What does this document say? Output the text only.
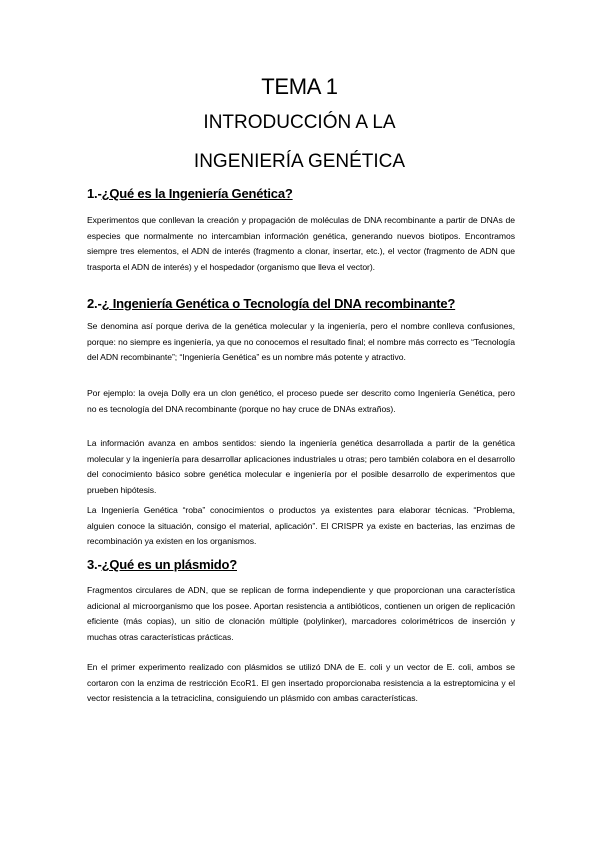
TEMA 1
INTRODUCCIÓN A LA
INGENIERÍA GENÉTICA
1.-¿Qué es la Ingeniería Genética?

Experimentos que conllevan la creación y propagación de moléculas de DNA recombinante a partir de DNAs de especies que normalmente no intercambian información genética, generando nuevos biotipos. Encontramos siempre tres elementos, el ADN de interés (fragmento a clonar, insertar, etc.), el vector (fragmento de ADN que trasporta el ADN de interés) y el hospedador (organismo que lleva el vector).

2.-¿ Ingeniería Genética o Tecnología del DNA recombinante?

Se denomina así porque deriva de la genética molecular y la ingeniería, pero el nombre conlleva confusiones, porque: no siempre es ingeniería, ya que no conocemos el resultado final; el nombre más correcto es “Tecnología del ADN recombinante”; “Ingeniería Genética” es un nombre más potente y atractivo.

Por ejemplo: la oveja Dolly era un clon genético, el proceso puede ser descrito como Ingeniería Genética, pero no es tecnología del DNA recombinante (porque no hay cruce de DNAs extraños).

La información avanza en ambos sentidos: siendo la ingeniería genética desarrollada a partir de la genética molecular y la ingeniería para desarrollar aplicaciones industriales u otras; pero también colabora en el desarrollo del conocimiento básico sobre genética molecular e ingeniería por el posible desarrollo de experimentos que prueben hipótesis.

La Ingeniería Genética “roba” conocimientos o productos ya existentes para elaborar técnicas. “Problema, alguien conoce la situación, consigo el material, aplicación”. El CRISPR ya existe en bacterias, las enzimas de recombinación ya existen en los organismos.

3.-¿Qué es un plásmido?

Fragmentos circulares de ADN, que se replican de forma independiente y que proporcionan una característica adicional al microorganismo que los posee. Aportan resistencia a antibióticos, contienen un origen de replicación eficiente (más copias), un sitio de clonación múltiple (polylinker), marcadores colorimétricos de inserción y muchas otras características prácticas.

En el primer experimento realizado con plásmidos se utilizó DNA de E. coli y un vector de E. coli, ambos se cortaron con la enzima de restricción EcoR1. El gen insertado proporcionaba resistencia a la estreptomicina y el vector resistencia a la tetraciclina, consiguiendo un plásmido con ambas características.
